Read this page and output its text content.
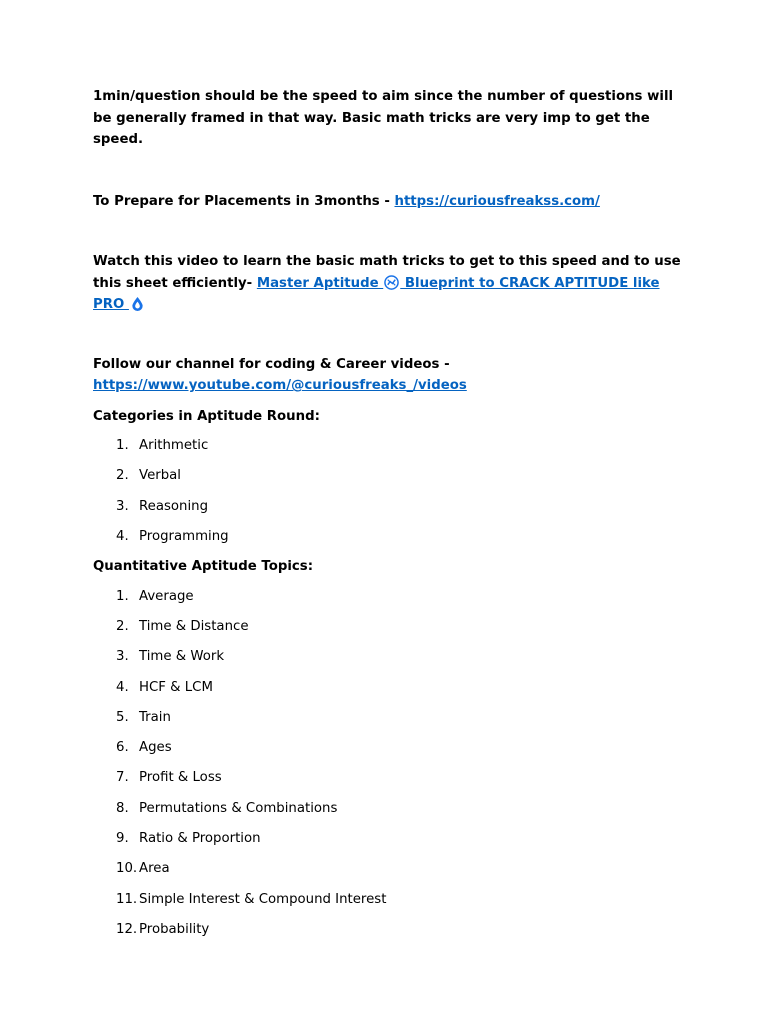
1min/question should be the speed to aim since the number of questions will be generally framed in that way. Basic math tricks are very imp to get the speed.

To Prepare for Placements in 3months - https://curiousfreakss.com/

Watch this video to learn the basic math tricks to get to this speed and to use this sheet efficiently- Master Aptitude  Blueprint to CRACK APTITUDE like PRO

Follow our channel for coding & Career videos -
https://www.youtube.com/@curiousfreaks_/videos

Categories in Aptitude Round:

1. Arithmetic
2. Verbal
3. Reasoning
4. Programming

Quantitative Aptitude Topics:

1. Average
2. Time & Distance
3. Time & Work
4. HCF & LCM
5. Train
6. Ages
7. Profit & Loss
8. Permutations & Combinations
9. Ratio & Proportion
10. Area
11. Simple Interest & Compound Interest
12. Probability
